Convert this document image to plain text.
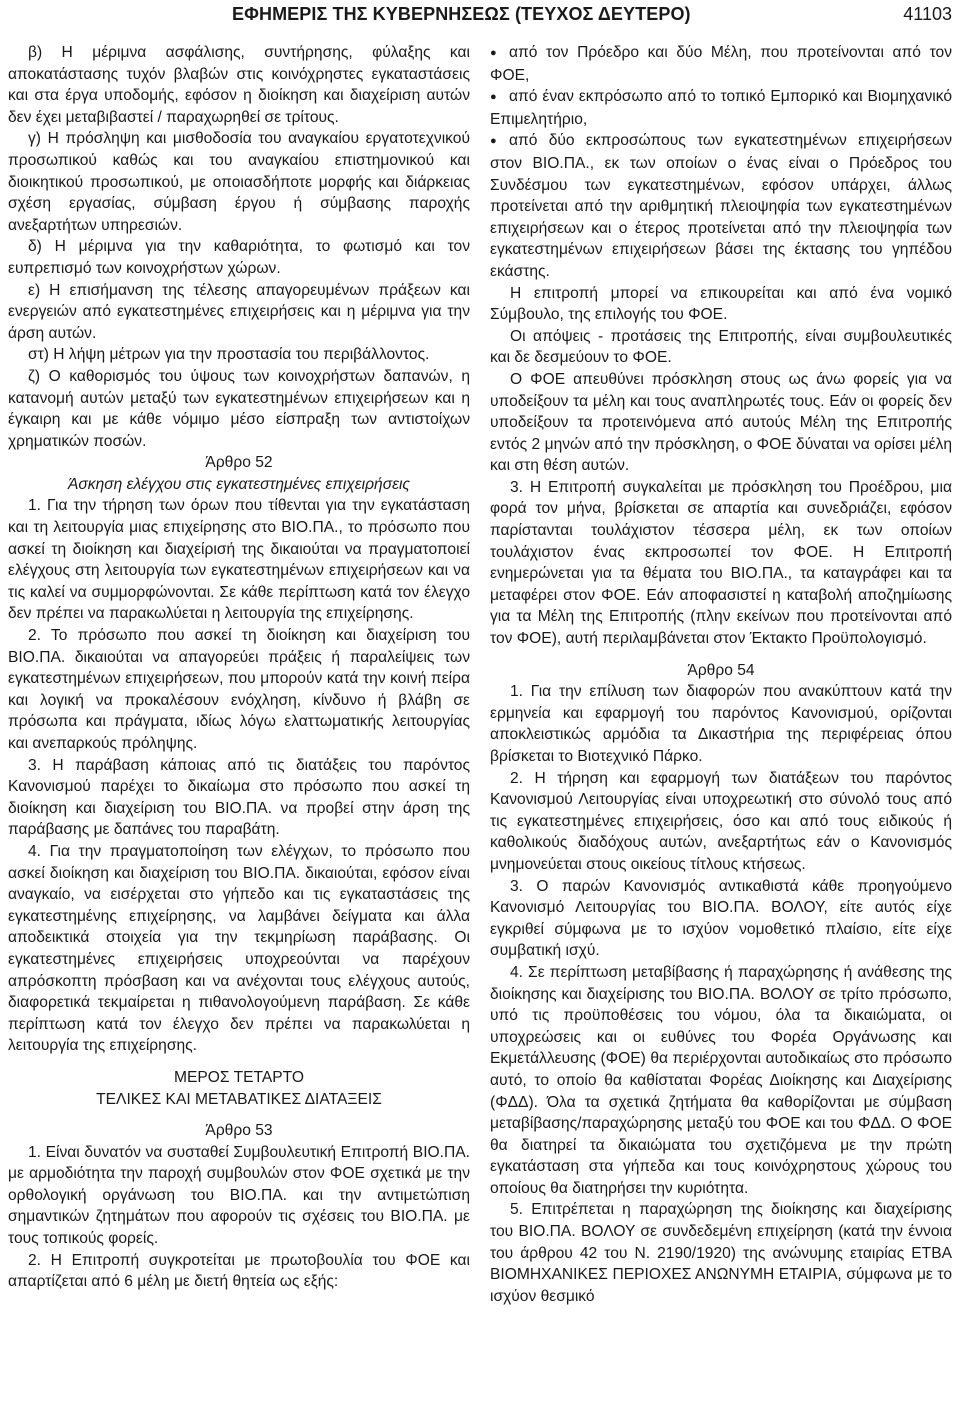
ΕΦΗΜΕΡΙΣ ΤΗΣ ΚΥΒΕΡΝΗΣΕΩΣ (ΤΕΥΧΟΣ ΔΕΥΤΕΡΟ)	41103

β) Η μέριμνα ασφάλισης, συντήρησης, φύλαξης και αποκατάστασης τυχόν βλαβών στις κοινόχρηστες εγκαταστάσεις και στα έργα υποδομής, εφόσον η διοίκηση και διαχείριση αυτών δεν έχει μεταβιβαστεί / παραχωρηθεί σε τρίτους.

γ) Η πρόσληψη και μισθοδοσία του αναγκαίου εργατοτεχνικού προσωπικού καθώς και του αναγκαίου επιστημονικού και διοικητικού προσωπικού, με οποιασδήποτε μορφής και διάρκειας σχέση εργασίας, σύμβαση έργου ή σύμβασης παροχής ανεξαρτήτων υπηρεσιών.

δ) Η μέριμνα για την καθαριότητα, το φωτισμό και τον ευπρεπισμό των κοινοχρήστων χώρων.

ε) Η επισήμανση της τέλεσης απαγορευμένων πράξεων και ενεργειών από εγκατεστημένες επιχειρήσεις και η μέριμνα για την άρση αυτών.

στ) Η λήψη μέτρων για την προστασία του περιβάλλοντος.

ζ) Ο καθορισμός του ύψους των κοινοχρήστων δαπανών, η κατανομή αυτών μεταξύ των εγκατεστημένων επιχειρήσεων και η έγκαιρη και με κάθε νόμιμο μέσο είσπραξη των αντιστοίχων χρηματικών ποσών.

Άρθρο 52

Άσκηση ελέγχου στις εγκατεστημένες επιχειρήσεις

1. Για την τήρηση των όρων που τίθενται για την εγκατάσταση και τη λειτουργία μιας επιχείρησης στο ΒΙΟ.ΠΑ., το πρόσωπο που ασκεί τη διοίκηση και διαχείρισή της δικαιούται να πραγματοποιεί ελέγχους στη λειτουργία των εγκατεστημένων επιχειρήσεων και να τις καλεί να συμμορφώνονται. Σε κάθε περίπτωση κατά τον έλεγχο δεν πρέπει να παρακωλύεται η λειτουργία της επιχείρησης.

2. Το πρόσωπο που ασκεί τη διοίκηση και διαχείριση του ΒΙΟ.ΠΑ. δικαιούται να απαγορεύει πράξεις ή παραλείψεις των εγκατεστημένων επιχειρήσεων, που μπορούν κατά την κοινή πείρα και λογική να προκαλέσουν ενόχληση, κίνδυνο ή βλάβη σε πρόσωπα και πράγματα, ιδίως λόγω ελαττωματικής λειτουργίας και ανεπαρκούς πρόληψης.

3. Η παράβαση κάποιας από τις διατάξεις του παρόντος Κανονισμού παρέχει το δικαίωμα στο πρόσωπο που ασκεί τη διοίκηση και διαχείριση του ΒΙΟ.ΠΑ. να προβεί στην άρση της παράβασης με δαπάνες του παραβάτη.

4. Για την πραγματοποίηση των ελέγχων, το πρόσωπο που ασκεί διοίκηση και διαχείριση του ΒΙΟ.ΠΑ. δικαιούται, εφόσον είναι αναγκαίο, να εισέρχεται στο γήπεδο και τις εγκαταστάσεις της εγκατεστημένης επιχείρησης, να λαμβάνει δείγματα και άλλα αποδεικτικά στοιχεία για την τεκμηρίωση παράβασης. Οι εγκατεστημένες επιχειρήσεις υποχρεούνται να παρέχουν απρόσκοπτη πρόσβαση και να ανέχονται τους ελέγχους αυτούς, διαφορετικά τεκμαίρεται η πιθανολογούμενη παράβαση. Σε κάθε περίπτωση κατά τον έλεγχο δεν πρέπει να παρακωλύεται η λειτουργία της επιχείρησης.

ΜΕΡΟΣ ΤΕΤΑΡΤΟ

ΤΕΛΙΚΕΣ ΚΑΙ ΜΕΤΑΒΑΤΙΚΕΣ ΔΙΑΤΑΞΕΙΣ

Άρθρο 53

1. Είναι δυνατόν να συσταθεί Συμβουλευτική Επιτροπή ΒΙΟ.ΠΑ. με αρμοδιότητα την παροχή συμβουλών στον ΦΟΕ σχετικά με την ορθολογική οργάνωση του ΒΙΟ.ΠΑ. και την αντιμετώπιση σημαντικών ζητημάτων που αφορούν τις σχέσεις του ΒΙΟ.ΠΑ. με τους τοπικούς φορείς.

2. Η Επιτροπή συγκροτείται με πρωτοβουλία του ΦΟΕ και απαρτίζεται από 6 μέλη με διετή θητεία ως εξής:

● από τον Πρόεδρο και δύο Μέλη, που προτείνονται από τον ΦΟΕ,

● από έναν εκπρόσωπο από το τοπικό Εμπορικό και Βιομηχανικό Επιμελητήριο,

● από δύο εκπροσώπους των εγκατεστημένων επιχειρήσεων στον ΒΙΟ.ΠΑ., εκ των οποίων ο ένας είναι ο Πρόεδρος του Συνδέσμου των εγκατεστημένων, εφόσον υπάρχει, άλλως προτείνεται από την αριθμητική πλειοψηφία των εγκατεστημένων επιχειρήσεων και ο έτερος προτείνεται από την πλειοψηφία των εγκατεστημένων επιχειρήσεων βάσει της έκτασης του γηπέδου εκάστης.

Η επιτροπή μπορεί να επικουρείται και από ένα νομικό Σύμβουλο, της επιλογής του ΦΟΕ.

Οι απόψεις - προτάσεις της Επιτροπής, είναι συμβουλευτικές και δε δεσμεύουν το ΦΟΕ.

Ο ΦΟΕ απευθύνει πρόσκληση στους ως άνω φορείς για να υποδείξουν τα μέλη και τους αναπληρωτές τους. Εάν οι φορείς δεν υποδείξουν τα προτεινόμενα από αυτούς Μέλη της Επιτροπής εντός 2 μηνών από την πρόσκληση, ο ΦΟΕ δύναται να ορίσει μέλη και στη θέση αυτών.

3. Η Επιτροπή συγκαλείται με πρόσκληση του Προέδρου, μια φορά τον μήνα, βρίσκεται σε απαρτία και συνεδριάζει, εφόσον παρίστανται τουλάχιστον τέσσερα μέλη, εκ των οποίων τουλάχιστον ένας εκπροσωπεί τον ΦΟΕ. Η Επιτροπή ενημερώνεται για τα θέματα του ΒΙΟ.ΠΑ., τα καταγράφει και τα μεταφέρει στον ΦΟΕ. Εάν αποφασιστεί η καταβολή αποζημίωσης για τα Μέλη της Επιτροπής (πλην εκείνων που προτείνονται από τον ΦΟΕ), αυτή περιλαμβάνεται στον Έκτακτο Προϋπολογισμό.

Άρθρο 54

1. Για την επίλυση των διαφορών που ανακύπτουν κατά την ερμηνεία και εφαρμογή του παρόντος Κανονισμού, ορίζονται αποκλειστικώς αρμόδια τα Δικαστήρια της περιφέρειας όπου βρίσκεται το Βιοτεχνικό Πάρκο.

2. Η τήρηση και εφαρμογή των διατάξεων του παρόντος Κανονισμού Λειτουργίας είναι υποχρεωτική στο σύνολό τους από τις εγκατεστημένες επιχειρήσεις, όσο και από τους ειδικούς ή καθολικούς διαδόχους αυτών, ανεξαρτήτως εάν ο Κανονισμός μνημονεύεται στους οικείους τίτλους κτήσεως.

3. Ο παρών Κανονισμός αντικαθιστά κάθε προηγούμενο Κανονισμό Λειτουργίας του ΒΙΟ.ΠΑ. ΒΟΛΟΥ, είτε αυτός είχε εγκριθεί σύμφωνα με το ισχύον νομοθετικό πλαίσιο, είτε είχε συμβατική ισχύ.

4. Σε περίπτωση μεταβίβασης ή παραχώρησης ή ανάθεσης της διοίκησης και διαχείρισης του ΒΙΟ.ΠΑ. ΒΟΛΟΥ σε τρίτο πρόσωπο, υπό τις προϋποθέσεις του νόμου, όλα τα δικαιώματα, οι υποχρεώσεις και οι ευθύνες του Φορέα Οργάνωσης και Εκμετάλλευσης (ΦΟΕ) θα περιέρχονται αυτοδικαίως στο πρόσωπο αυτό, το οποίο θα καθίσταται Φορέας Διοίκησης και Διαχείρισης (ΦΔΔ). Όλα τα σχετικά ζητήματα θα καθορίζονται με σύμβαση μεταβίβασης/παραχώρησης μεταξύ του ΦΟΕ και του ΦΔΔ. Ο ΦΟΕ θα διατηρεί τα δικαιώματα του σχετιζόμενα με την πρώτη εγκατάσταση στα γήπεδα και τους κοινόχρηστους χώρους του οποίους θα διατηρήσει την κυριότητα.

5. Επιτρέπεται η παραχώρηση της διοίκησης και διαχείρισης του ΒΙΟ.ΠΑ. ΒΟΛΟΥ σε συνδεδεμένη επιχείρηση (κατά την έννοια του άρθρου 42 του Ν. 2190/1920) της ανώνυμης εταιρίας ΕΤΒΑ ΒΙΟΜΗΧΑΝΙΚΕΣ ΠΕΡΙΟΧΕΣ ΑΝΩΝΥΜΗ ΕΤΑΙΡΙΑ, σύμφωνα με το ισχύον θεσμικό
